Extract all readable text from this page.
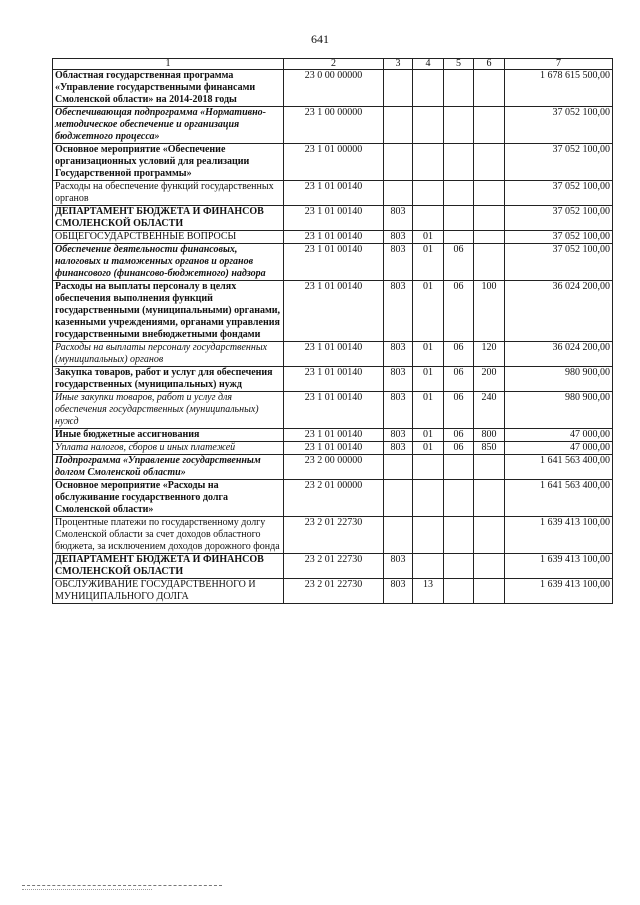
641
1	2	3	4	5	6	7
Областная государственная программа «Управление государственными финансами Смоленской области» на 2014-2018 годы	23 0 00 00000					1 678 615 500,00
Обеспечивающая подпрограмма «Нормативно-методическое обеспечение и организация бюджетного процесса»	23 1 00 00000					37 052 100,00
Основное мероприятие «Обеспечение организационных условий для реализации Государственной программы»	23 1 01 00000					37 052 100,00
Расходы на обеспечение функций государственных органов	23 1 01 00140					37 052 100,00
ДЕПАРТАМЕНТ БЮДЖЕТА И ФИНАНСОВ СМОЛЕНСКОЙ ОБЛАСТИ	23 1 01 00140	803				37 052 100,00
ОБЩЕГОСУДАРСТВЕННЫЕ ВОПРОСЫ	23 1 01 00140	803	01			37 052 100,00
Обеспечение деятельности финансовых, налоговых и таможенных органов и органов финансового (финансово-бюджетного) надзора	23 1 01 00140	803	01	06		37 052 100,00
Расходы на выплаты персоналу в целях обеспечения выполнения функций государственными (муниципальными) органами, казенными учреждениями, органами управления государственными внебюджетными фондами	23 1 01 00140	803	01	06	100	36 024 200,00
Расходы на выплаты персоналу государственных (муниципальных) органов	23 1 01 00140	803	01	06	120	36 024 200,00
Закупка товаров, работ и услуг для обеспечения государственных (муниципальных) нужд	23 1 01 00140	803	01	06	200	980 900,00
Иные закупки товаров, работ и услуг для обеспечения государственных (муниципальных) нужд	23 1 01 00140	803	01	06	240	980 900,00
Иные бюджетные ассигнования	23 1 01 00140	803	01	06	800	47 000,00
Уплата налогов, сборов и иных платежей	23 1 01 00140	803	01	06	850	47 000,00
Подпрограмма «Управление государственным долгом Смоленской области»	23 2 00 00000					1 641 563 400,00
Основное мероприятие «Расходы на обслуживание государственного долга Смоленской области»	23 2 01 00000					1 641 563 400,00
Процентные платежи по государственному долгу Смоленской области за счет доходов областного бюджета, за исключением доходов дорожного фонда	23 2 01 22730					1 639 413 100,00
ДЕПАРТАМЕНТ БЮДЖЕТА И ФИНАНСОВ СМОЛЕНСКОЙ ОБЛАСТИ	23 2 01 22730	803				1 639 413 100,00
ОБСЛУЖИВАНИЕ ГОСУДАРСТВЕННОГО И МУНИЦИПАЛЬНОГО ДОЛГА	23 2 01 22730	803	13			1 639 413 100,00
